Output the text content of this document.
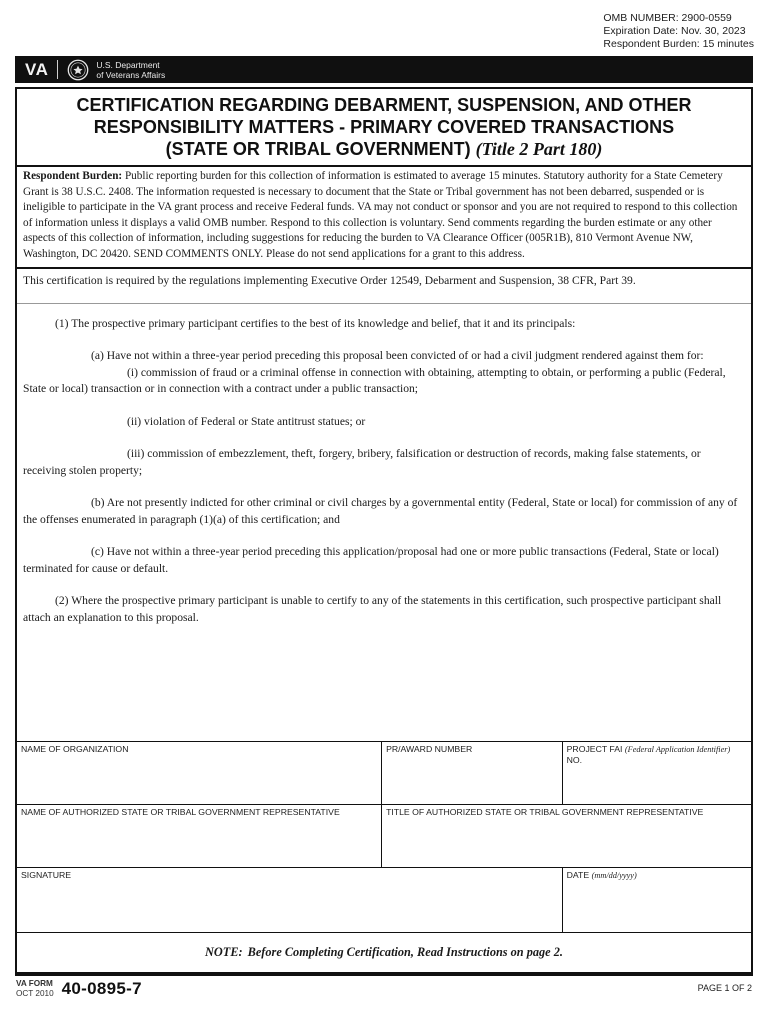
OMB NUMBER: 2900-0559
Expiration Date: Nov. 30, 2023
Respondent Burden: 15 minutes
VA	U.S. Department
of Veterans Affairs
CERTIFICATION REGARDING DEBARMENT, SUSPENSION, AND OTHER
RESPONSIBILITY MATTERS - PRIMARY COVERED TRANSACTIONS
(STATE OR TRIBAL GOVERNMENT) (Title 2 Part 180)
Respondent Burden: Public reporting burden for this collection of information is estimated to average 15 minutes. Statutory authority for a State Cemetery Grant is 38 U.S.C. 2408. The information requested is necessary to document that the State or Tribal government has not been debarred, suspended or is ineligible to participate in the VA grant process and receive Federal funds. VA may not conduct or sponsor and you are not required to respond to this collection of information unless it displays a valid OMB number. Respond to this collection is voluntary. Send comments regarding the burden estimate or any other aspects of this collection of information, including suggestions for reducing the burden to VA Clearance Officer (005R1B), 810 Vermont Avenue NW, Washington, DC 20420. SEND COMMENTS ONLY. Please do not send applications for a grant to this address.
This certification is required by the regulations implementing Executive Order 12549, Debarment and Suspension, 38 CFR, Part 39.

(1) The prospective primary participant certifies to the best of its knowledge and belief, that it and its principals:

(a) Have not within a three-year period preceding this proposal been convicted of or had a civil judgment rendered against them for:

(i) commission of fraud or a criminal offense in connection with obtaining, attempting to obtain, or performing a public (Federal, State or local) transaction or in connection with a contract under a public transaction;

(ii) violation of Federal or State antitrust statues; or

(iii) commission of embezzlement, theft, forgery, bribery, falsification or destruction of records, making false statements, or receiving stolen property;

(b) Are not presently indicted for other criminal or civil charges by a governmental entity (Federal, State or local) for commission of any of the offenses enumerated in paragraph (1)(a) of this certification; and

(c) Have not within a three-year period preceding this application/proposal had one or more public transactions (Federal, State or local) terminated for cause or default.

(2) Where the prospective primary participant is unable to certify to any of the statements in this certification, such prospective participant shall attach an explanation to this proposal.

NAME OF ORGANIZATION	PR/AWARD NUMBER	PROJECT FAI (Federal Application Identifier) NO.
NAME OF AUTHORIZED STATE OR TRIBAL GOVERNMENT REPRESENTATIVE	TITLE OF AUTHORIZED STATE OR TRIBAL GOVERNMENT REPRESENTATIVE
SIGNATURE	DATE (mm/dd/yyyy)
NOTE: Before Completing Certification, Read Instructions on page 2.
VA FORM
OCT 2010 40-0895-7	PAGE 1 OF 2
